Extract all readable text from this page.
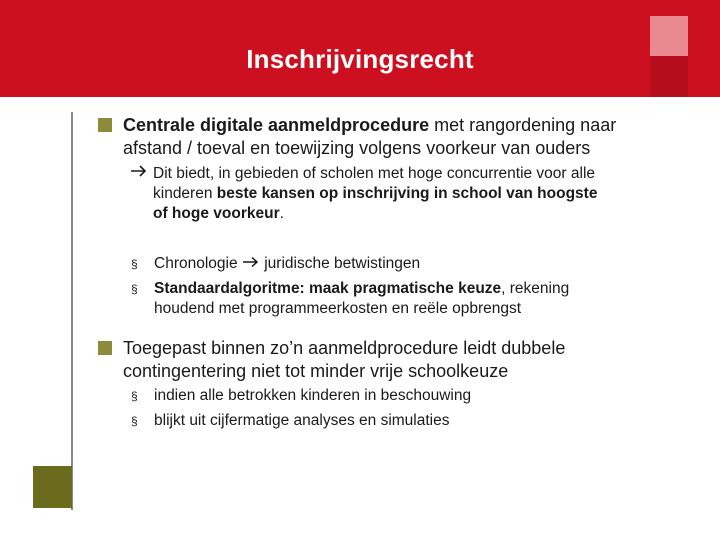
Inschrijvingsrecht
Centrale digitale aanmeldprocedure met rangordening naar
afstand / toeval en toewijzing volgens voorkeur van ouders
Dit biedt, in gebieden of scholen met hoge concurrentie voor alle
kinderen beste kansen op inschrijving in school van hoogste
of hoge voorkeur.
§ Chronologie  juridische betwistingen
§ Standaardalgoritme: maak pragmatische keuze, rekening
houdend met programmeerkosten en reële opbrengst
Toegepast binnen zo’n aanmeldprocedure leidt dubbele
contingentering niet tot minder vrije schoolkeuze
§ indien alle betrokken kinderen in beschouwing
§ blijkt uit cijfermatige analyses en simulaties
